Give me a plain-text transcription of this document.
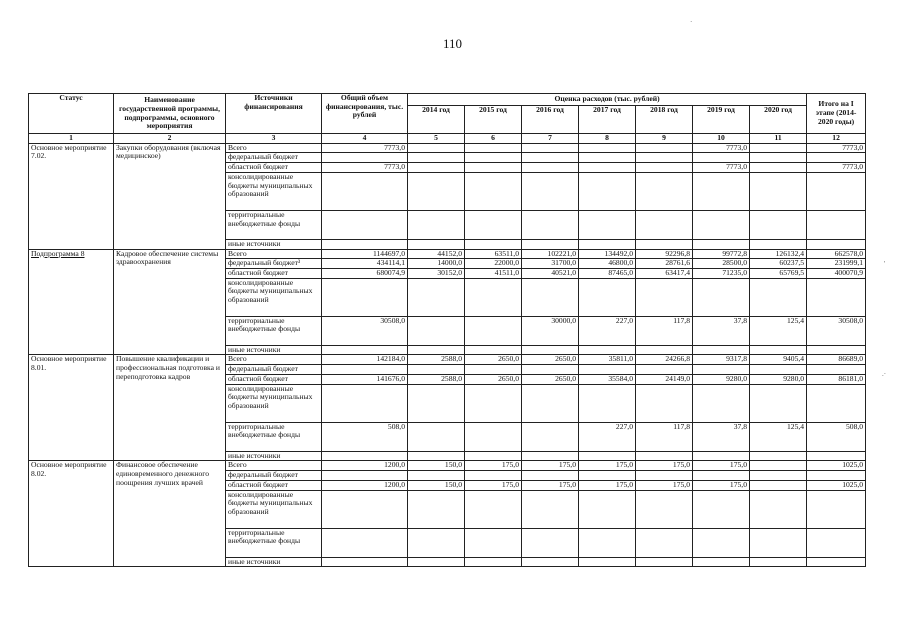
110
Статус	Наименование государственной программы, подпрограммы, основного мероприятия	Источники финансирования	Общий объем финансирования, тыс. рублей	Оценка расходов (тыс. рублей)							Итого на I этапе (2014-2020 годы)
				2014 год	2015 год	2016 год	2017 год	2018 год	2019 год	2020 год	
1	2	3	4	5	6	7	8	9	10	11	12
Основное мероприятие 7.02.	Закупки оборудования (включая медицинское)	Всего	7773,0						7773,0		7773,0
		федеральный бюджет									
		областной бюджет	7773,0						7773,0		7773,0
		консолидированные бюджеты муниципальных образований									
		территориальные внебюджетные фонды									
		иные источники									
Подпрограмма 8	Кадровое обеспечение системы здравоохранения	Всего	1144697,0	44152,0	63511,0	102221,0	134492,0	92296,8	99772,8	126132,4	662578,0
		федеральный бюджет³	434114,1	14000,0	22000,0	31700,0	46800,0	28761,6	28500,0	60237,5	231999,1
		областной бюджет	680074,9	30152,0	41511,0	40521,0	87465,0	63417,4	71235,0	65769,5	400070,9
		консолидированные бюджеты муниципальных образований									
		территориальные внебюджетные фонды	30508,0			30000,0	227,0	117,8	37,8	125,4	30508,0
		иные источники									
Основное мероприятие 8.01.	Повышение квалификации и профессиональная подготовка и переподготовка кадров	Всего	142184,0	2588,0	2650,0	2650,0	35811,0	24266,8	9317,8	9405,4	86689,0
		федеральный бюджет									
		областной бюджет	141676,0	2588,0	2650,0	2650,0	35584,0	24149,0	9280,0	9280,0	86181,0
		консолидированные бюджеты муниципальных образований									
		территориальные внебюджетные фонды	508,0				227,0	117,8	37,8	125,4	508,0
		иные источники									
Основное мероприятие 8.02.	Финансовое обеспечение единовременного денежного поощрения лучших врачей	Всего	1200,0	150,0	175,0	175,0	175,0	175,0	175,0		1025,0
		федеральный бюджет									
		областной бюджет	1200,0	150,0	175,0	175,0	175,0	175,0	175,0		1025,0
		консолидированные бюджеты муниципальных образований									
		территориальные внебюджетные фонды									
		иные источники									
·
'
.·
